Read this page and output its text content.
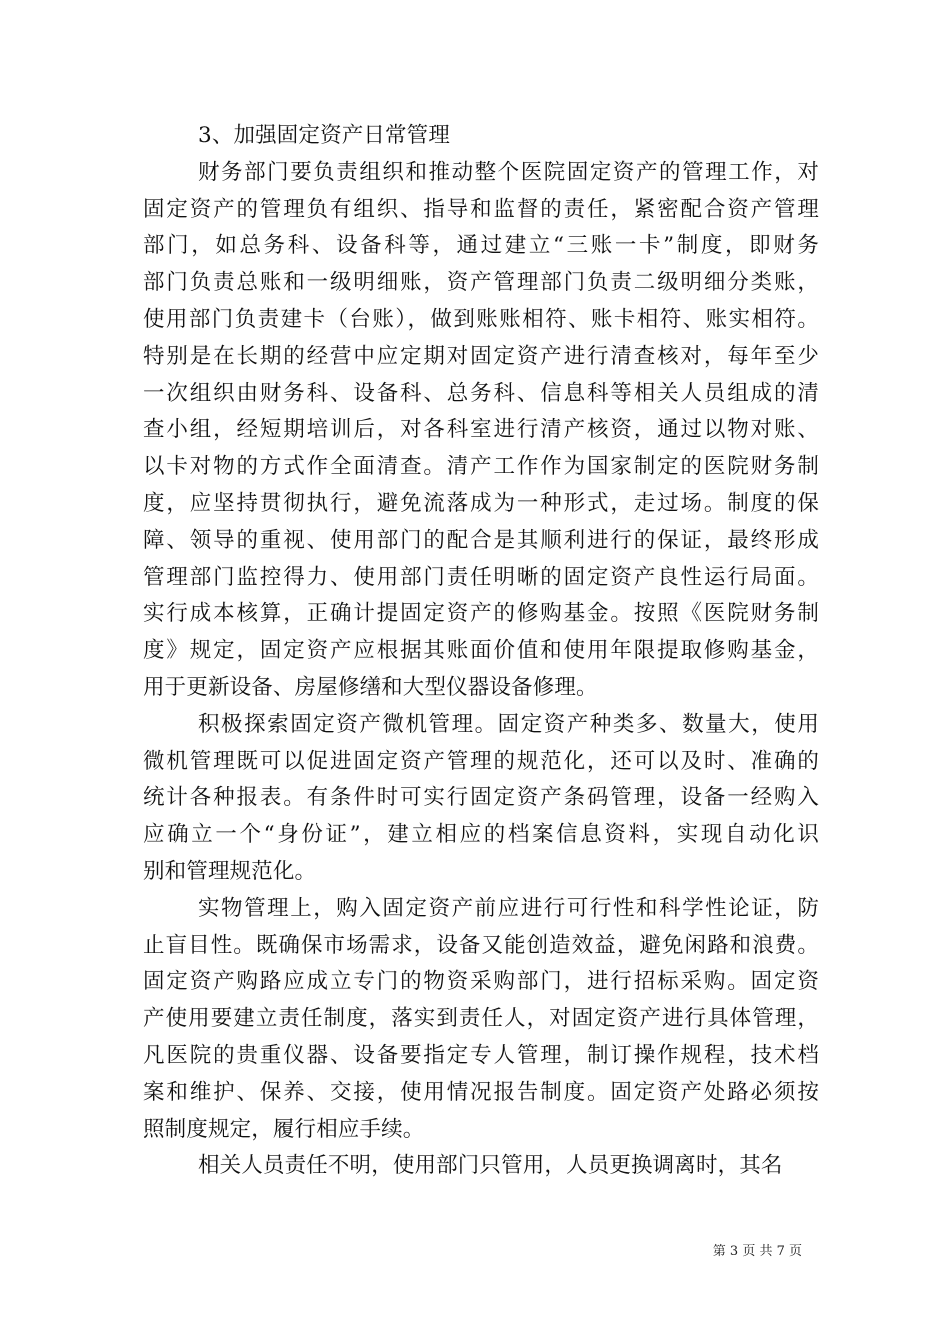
3、加强固定资产日常管理
财务部门要负责组织和推动整个医院固定资产的管理工作，对
固定资产的管理负有组织、指导和监督的责任，紧密配合资产管理
部门，如总务科、设备科等，通过建立“三账一卡”制度，即财务
部门负责总账和一级明细账，资产管理部门负责二级明细分类账，
使用部门负责建卡（台账），做到账账相符、账卡相符、账实相符。
特别是在长期的经营中应定期对固定资产进行清查核对，每年至少
一次组织由财务科、设备科、总务科、信息科等相关人员组成的清
查小组，经短期培训后，对各科室进行清产核资，通过以物对账、
以卡对物的方式作全面清查。清产工作作为国家制定的医院财务制
度，应坚持贯彻执行，避免流落成为一种形式，走过场。制度的保
障、领导的重视、使用部门的配合是其顺利进行的保证，最终形成
管理部门监控得力、使用部门责任明晰的固定资产良性运行局面。
实行成本核算，正确计提固定资产的修购基金。按照《医院财务制
度》规定，固定资产应根据其账面价值和使用年限提取修购基金，
用于更新设备、房屋修缮和大型仪器设备修理。
积极探索固定资产微机管理。固定资产种类多、数量大，使用
微机管理既可以促进固定资产管理的规范化，还可以及时、准确的
统计各种报表。有条件时可实行固定资产条码管理，设备一经购入
应确立一个“身份证”，建立相应的档案信息资料，实现自动化识
别和管理规范化。
实物管理上，购入固定资产前应进行可行性和科学性论证，防
止盲目性。既确保市场需求，设备又能创造效益，避免闲路和浪费。
固定资产购路应成立专门的物资采购部门，进行招标采购。固定资
产使用要建立责任制度，落实到责任人，对固定资产进行具体管理，
凡医院的贵重仪器、设备要指定专人管理，制订操作规程，技术档
案和维护、保养、交接，使用情况报告制度。固定资产处路必须按
照制度规定，履行相应手续。
相关人员责任不明，使用部门只管用，人员更换调离时，其名
第 3 页 共 7 页
